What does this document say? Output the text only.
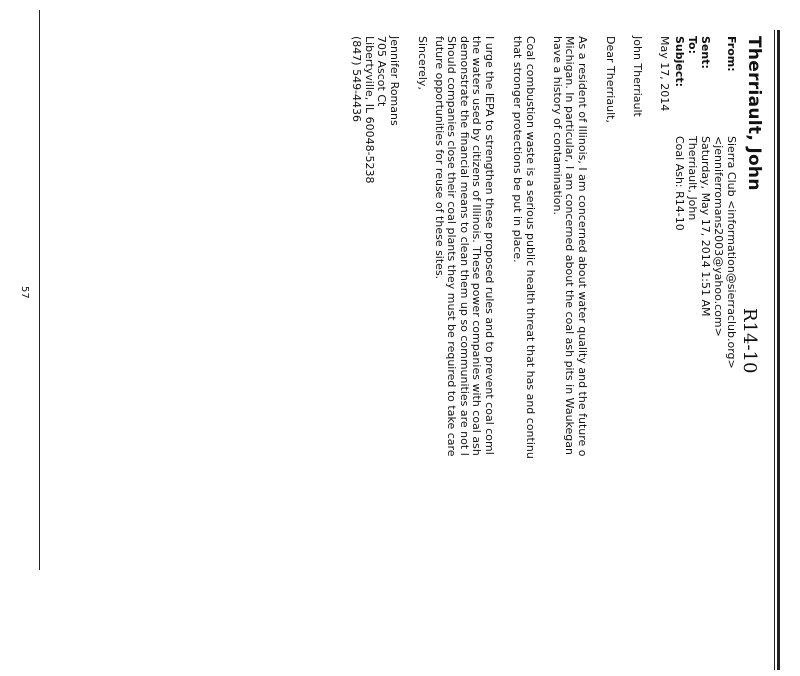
Therriault, John
R14-10
From:
Sierra Club <information@sierraclub.org>
<jenniferromans2003@yahoo.com>
Sent:
Saturday, May 17, 2014 1:51 AM
To:
Therriault, John
Subject:
Coal Ash: R14-10
May 17, 2014
John Therriault
Dear Therriault,
As a resident of Illinois, I am concerned about water quality and the future o
Michigan. In particular, I am concerned about the coal ash pits in Waukegan
have a history of contamination.
Coal combustion waste is a serious public health threat that has and continu
that stronger protections be put in place.
I urge the IEPA to strengthen these proposed rules and to prevent coal coml
the waters used by citizens of Illinois. These power companies with coal ash
demonstrate the financial means to clean them up so communities are not l
Should companies close their coal plants they must be required to take care
future opportunities for reuse of these sites.
Sincerely,
Jennifer Romans
705 Ascot Ct
Libertyville, IL 60048-5238
(847) 549-4436
57
